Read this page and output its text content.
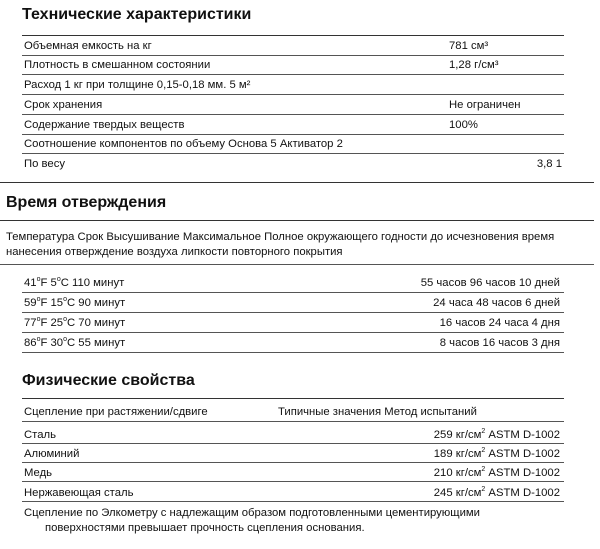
Технические характеристики
Объемная емкость на кг	781 см³
Плотность в смешанном состоянии	1,28 г/см³
Расход 1 кг при толщине 0,15-0,18 мм. 5 м²
Срок хранения	Не ограничен
Содержание твердых веществ	100%
Соотношение компонентов по объему Основа 5 Активатор 2
По весу	3,8 1
Время отверждения
Температура Срок Высушивание Максимальное Полное окружающего годности до исчезновения время
нанесения отверждение воздуха липкости повторного покрытия
41$^o$F 5$^o$C 110 минут	55 часов 96 часов 10 дней
59$^o$F 15$^o$C 90 минут	24 часа 48 часов 6 дней
77$^o$F 25$^o$C 70 минут	16 часов 24 часа 4 дня
86$^o$F 30$^o$C 55 минут	8 часов 16 часов 3 дня
Физические свойства
Сцепление при растяжении/сдвиге	Типичные значения Метод испытаний
Сталь	259 $кг/см^2$ ASTM D-1002
Алюминий	189 $кг/см^2$ ASTM D-1002
Медь	210 $кг/см^2$ ASTM D-1002
Нержавеющая сталь	245 $кг/см^2$ ASTM D-1002
Сцепление по Элкометру с надлежащим образом подготовленными цементирующими
поверхностями превышает прочность сцепления основания.
